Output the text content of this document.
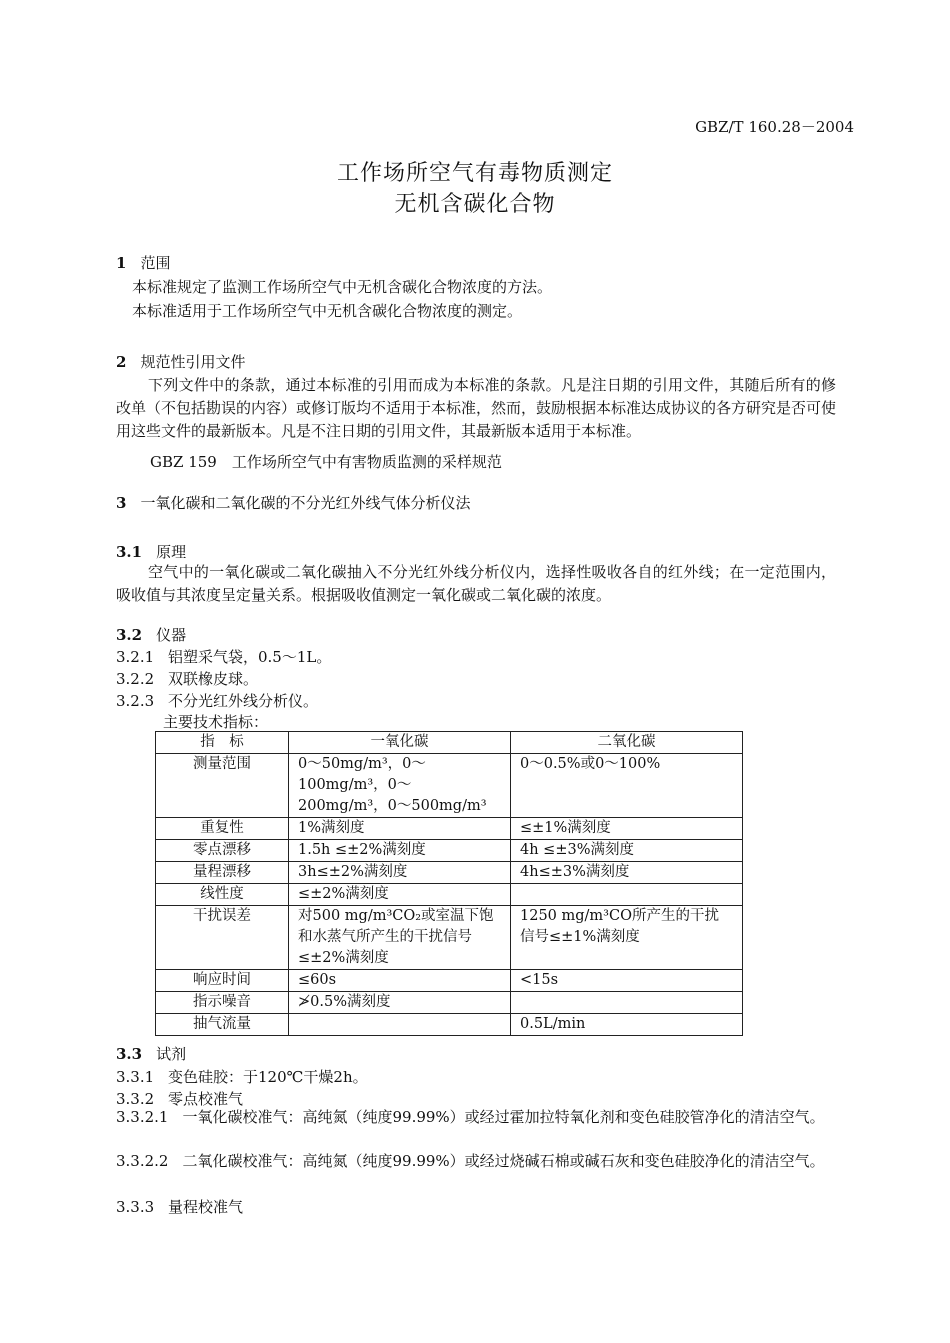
GBZ/T 160.28－2004
工作场所空气有毒物质测定
无机含碳化合物
1 范围
本标准规定了监测工作场所空气中无机含碳化合物浓度的方法。
本标准适用于工作场所空气中无机含碳化合物浓度的测定。
2 规范性引用文件
下列文件中的条款，通过本标准的引用而成为本标准的条款。凡是注日期的引用文件，其随后所有的修改单（不包括勘误的内容）或修订版均不适用于本标准，然而，鼓励根据本标准达成协议的各方研究是否可使用这些文件的最新版本。凡是不注日期的引用文件，其最新版本适用于本标准。
GBZ 159　工作场所空气中有害物质监测的采样规范
3 一氧化碳和二氧化碳的不分光红外线气体分析仪法
3.1 原理
空气中的一氧化碳或二氧化碳抽入不分光红外线分析仪内，选择性吸收各自的红外线；在一定范围内，吸收值与其浓度呈定量关系。根据吸收值测定一氧化碳或二氧化碳的浓度。
3.2 仪器
3.2.1 铝塑采气袋，0.5～1L。
3.2.2 双联橡皮球。
3.2.3 不分光红外线分析仪。
主要技术指标：
指　标	一氧化碳	二氧化碳
测量范围	0～50mg/m³，0～100mg/m³，0～200mg/m³，0～500mg/m³	0～0.5%或0～100%
重复性	1%满刻度	≤±1%满刻度
零点漂移	1.5h ≤±2%满刻度	4h ≤±3%满刻度
量程漂移	3h≤±2%满刻度	4h≤±3%满刻度
线性度	≤±2%满刻度	
干扰误差	对500 mg/m³CO₂或室温下饱和水蒸气所产生的干扰信号≤±2%满刻度	1250 mg/m³CO所产生的干扰信号≤±1%满刻度
响应时间	≤60s	<15s
指示噪音	≯0.5%满刻度	
抽气流量		0.5L/min
3.3 试剂
3.3.1 变色硅胶：于120℃干燥2h。
3.3.2 零点校准气
3.3.2.1 一氧化碳校准气：高纯氮（纯度99.99%）或经过霍加拉特氧化剂和变色硅胶管净化的清洁空气。
3.3.2.2 二氧化碳校准气：高纯氮（纯度99.99%）或经过烧碱石棉或碱石灰和变色硅胶净化的清洁空气。
3.3.3 量程校准气
